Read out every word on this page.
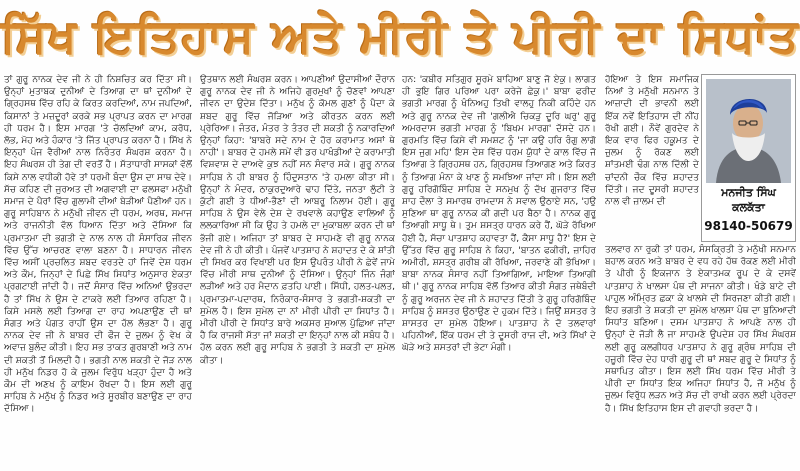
ਸਿੱਖ ਇਤਿਹਾਸ ਅਤੇ ਮੀਰੀ ਤੇ ਪੀਰੀ ਦਾ ਸਿਧਾਂਤ

ਤਾਂ ਗੁਰੂ ਨਾਨਕ ਦੇਵ ਜੀ ਨੇ ਹੀ ਨਿਸ਼ਚਿਤ ਕਰ ਦਿੱਤਾ ਸੀ। ਉਨ੍ਹਾਂ ਮੁਤਾਬਕ ਦੁਨੀਆਂ ਦੇ ਤਿਆਗ ਦਾ ਥਾਂ ਦੁਨੀਆਂ ਦੇ ਗ੍ਰਿਹਸਥ ਵਿੱਚ ਰਹਿ ਕੇ ਕਿਰਤ ਕਰਦਿਆਂ, ਨਾਮ ਜਪਦਿਆਂ, ਕਿਸਾਨਾਂ ਤੇ ਮਜ਼ਦੂਰਾਂ ਕਰਕੇ ਸਭ ਪ੍ਰਾਪਤ ਕਰਨ ਦਾ ਮਾਰਗ ਹੀ ਧਰਮ ਹੈ। ਇਸ ਮਾਰਗ 'ਤੇ ਚੱਲਦਿਆਂ ਕਾਮ, ਕਰੋਧ, ਲੋਭ, ਮੋਹ ਅਤੇ ਹੰਕਾਰ 'ਤੇ ਜਿੱਤ ਪ੍ਰਾਪਤ ਕਰਨਾ ਹੈ। ਸਿੱਖ ਨੇ ਇਨ੍ਹਾਂ ਪੰਜ ਵੈਰੀਆਂ ਨਾਲ ਨਿਰੰਤਰ ਸੰਘਰਸ਼ ਕਰਨਾ ਹੈ। ਇਹ ਸੰਘਰਸ਼ ਹੀ ਤੇਗ ਦੀ ਵਰਤੋਂ ਹੈ। ਸੱਤਾਧਾਰੀ ਸਾਸਕਾਂ ਵੱਲੋਂ ਕਿਸੇ ਨਾਲ ਵਧੀਕੀ ਹੋਵੇ ਤਾਂ ਧਰਮੀ ਬੰਦਾ ਉਸ ਦਾ ਸਾਥ ਦੇਵੇ। ਸੱਚ ਕਹਿਣ ਦੀ ਜੁਰਅਤ ਦੀ ਅਗਵਾਈ ਦਾ ਫਲਸਫਾ ਮਨੁੱਖੀ ਸਮਾਜ ਦੇ ਪੈਰਾਂ ਵਿੱਚ ਗੁਲਾਮੀ ਦੀਆਂ ਬੇੜੀਆਂ ਪੈਣੀਆਂ ਹਨ। ਗੁਰੂ ਸਾਹਿਬਾਨ ਨੇ ਮਨੁੱਖੀ ਜੀਵਨ ਦੀ ਧਰਮ, ਅਰਥ, ਸਮਾਜ ਅਤੇ ਰਾਜਨੀਤੀ ਵੱਲ ਧਿਆਨ ਦਿੱਤਾ ਅਤੇ ਦੱਸਿਆ ਕਿ ਪ੍ਰਮਾਤਮਾ ਦੀ ਭਗਤੀ ਦੇ ਨਾਲ ਨਾਲ ਹੀ ਸੰਸਾਰਿਕ ਜੀਵਨ ਵਿੱਚ ਉੱਚ ਆਚਰਣ ਵਾਲਾ ਬਣਨਾ ਹੈ। ਸਾਧਾਰਨ ਜੀਵਨ ਵਿੱਚ ਅਸੀਂ ਪ੍ਰਚਲਿਤ ਸ਼ਬਦ ਵਰਤਦੇ ਹਾਂ ਜਿਵੇਂ ਦੇਸ਼ ਧਰਮ ਅਤੇ ਕੌਮ, ਜਿਨ੍ਹਾਂ ਦੇ ਪਿਛੇ ਸਿੱਖ ਸਿਧਾਂਤ ਅਨੁਸਾਰ ਏਕਤਾ ਪ੍ਰਗਟਾਈ ਜਾਂਦੀ ਹੈ। ਜਦੋਂ ਸੰਸਾਰ ਵਿੱਚ ਅਨਿਆਂ ਉਭਰਦਾ ਹੈ ਤਾਂ ਸਿੱਖ ਨੇ ਉਸ ਦੇ ਟਾਕਰੇ ਲਈ ਤਿਆਰ ਰਹਿਣਾ ਹੈ। ਕਿਸੇ ਮਸਲੇ ਲਈ ਤਿਆਗ ਦਾ ਰਾਹ ਅਪਣਾਉਣ ਦੀ ਥਾਂ ਸੰਗਤ ਅਤੇ ਪੰਗਤ ਰਾਹੀਂ ਉਸ ਦਾ ਹੱਲ ਲੱਭਣਾ ਹੈ। ਗੁਰੂ ਨਾਨਕ ਦੇਵ ਜੀ ਨੇ ਬਾਬਰ ਦੀ ਫੌਜ ਦੇ ਜ਼ੁਲਮ ਨੂੰ ਵੇਖ ਕੇ ਅਵਾਜ਼ ਬੁਲੰਦ ਕੀਤੀ। ਇਹ ਸਭ ਤਾਕਤ ਗੁਰਬਾਣੀ ਅਤੇ ਨਾਮ ਦੀ ਸ਼ਕਤੀ ਤੋਂ ਮਿਲਦੀ ਹੈ। ਭਗਤੀ ਨਾਲ ਸ਼ਕਤੀ ਦੇ ਜੋੜ ਨਾਲ ਹੀ ਮਨੁੱਖ ਨਿਡਰ ਹੋ ਕੇ ਜ਼ੁਲਮ ਵਿਰੁੱਧ ਖੜ੍ਹਾ ਹੁੰਦਾ ਹੈ ਅਤੇ ਕੌਮ ਦੀ ਅਣਖ ਨੂੰ ਕਾਇਮ ਰੱਖਦਾ ਹੈ। ਇਸ ਲਈ ਗੁਰੂ ਸਾਹਿਬ ਨੇ ਮਨੁੱਖ ਨੂੰ ਨਿਡਰ ਅਤੇ ਸੂਰਬੀਰ ਬਣਾਉਣ ਦਾ ਰਾਹ ਦੱਸਿਆ।

ਉਤਥਾਨ ਲਈ ਸੰਘਰਸ਼ ਕਰਨ। ਆਪਣੀਆਂ ਉਦਾਸੀਆਂ ਦੌਰਾਨ ਗੁਰੂ ਨਾਨਕ ਦੇਵ ਜੀ ਨੇ ਅਜਿਹੇ ਗੁਰਮੁਖਾਂ ਨੂੰ ਚੋਣਵਾਂ ਆਪਣਾ ਜੀਵਨ ਦਾ ਉਦੇਸ਼ ਦਿੱਤਾ। ਮਨੁੱਖ ਨੂੰ ਕੋਮਲ ਗੁਣਾਂ ਨੂੰ ਪੈਦਾ ਕੇ ਸ਼ਬਦ ਗੁਰੂ ਵਿੱਚ ਜੋੜਿਆ ਅਤੇ ਕੀਰਤਨ ਕਰਨ ਲਈ ਪ੍ਰੇਰਿਆ। ਜੰਤਰ, ਮੰਤਰ ਤੇ ਤੰਤਰ ਦੀ ਸ਼ਕਤੀ ਨੂੰ ਨਕਾਰਦਿਆਂ ਉਨ੍ਹਾਂ ਕਿਹਾ: 'ਬਾਬਰੇ ਸਦੇ ਨਾਮ ਦੇ ਹੋਰ ਕਰਾਮਾਤ ਅਸਾਂ ਥੇ ਨਾਹੀ'। ਬਾਬਰ ਦੇ ਹਮਲੇ ਸਮੇਂ ਵੀ ਡਰ ਪਾਖੰਡੀਆਂ ਦੇ ਕਰਾਮਾਤੀ ਵਿਸ਼ਵਾਸ਼ ਦੇ ਦਾਅਵੇ ਕੁਝ ਨਹੀਂ ਸਨ ਸੰਵਾਰ ਸਕੇ। ਗੁਰੂ ਨਾਨਕ ਸਾਹਿਬ ਨੇ ਹੀ ਬਾਬਰ ਨੂੰ ਹਿੰਦੁਸਤਾਨ 'ਤੇ ਹਮਲਾ ਕੀਤਾ ਸੀ। ਉਨ੍ਹਾਂ ਨੇ ਮੰਦਰ, ਠਾਕੁਰਦੁਆਰੇ ਢਾਹ ਦਿੱਤੇ, ਜਨਤਾ ਲੁੱਟੀ ਤੇ ਕੁੱਟੀ ਗਈ ਤੇ ਧੀਆਂ-ਭੈਣਾਂ ਦੀ ਆਬਰੂ ਨਿਲਾਮ ਹੋਈ। ਗੁਰੂ ਸਾਹਿਬ ਨੇ ਉਸ ਵੇਲੇ ਦੇਸ਼ ਦੇ ਰਖਵਾਲੇ ਕਹਾਉਣ ਵਾਲਿਆਂ ਨੂੰ ਲਲਕਾਰਿਆ ਸੀ ਕਿ ਉਹ ਤੇ ਹਮਲੇ ਦਾ ਮੁਕਾਬਲਾ ਕਰਨ ਦੀ ਥਾਂ ਭੱਜੀ ਗਏ। ਅਜਿਹਾ ਤਾਂ ਬਾਬਰ ਦੇ ਸਾਹਮਣੇ ਵੀ ਗੁਰੂ ਨਾਨਕ ਦੇਵ ਜੀ ਨੇ ਹੀ ਕੀਤੀ। ਪੰਜਵੇਂ ਪਾਤਸ਼ਾਹ ਨੇ ਸ਼ਹਾਦਤ ਦੇ ਕੇ ਸ਼ਾਂਤੀ ਦੀ ਸਿਖਰ ਕਰ ਵਿਖਾਈ ਪਰ ਇਸ ਉਪਰੰਤ ਪੀਰੀ ਨੇ ਛੇਵੇਂ ਜਾਮੇ ਵਿੱਚ ਮੀਰੀ ਸਾਥ ਦੁਨੀਆਂ ਨੂੰ ਦੱਸਿਆ। ਉਨ੍ਹਾਂ ਜਿੰਨ ਜੰਗਾਂ ਲੜੀਆਂ ਅਤੇ ਹਰ ਮੈਦਾਨ ਫ਼ਤਹਿ ਪਾਈ। ਸਿੱਧੀ, ਹਲਤ-ਪਲਤ, ਪ੍ਰਮਾਤਮਾ-ਪਦਾਰਥ, ਨਿਰੰਕਾਰ-ਸੰਸਾਰ ਤੇ ਭਗਤੀ-ਸ਼ਕਤੀ ਦਾ ਸੁਮੇਲ ਹੈ। ਇਸ ਸੁਮੇਲ ਦਾ ਨਾਂ ਮੀਰੀ ਪੀਰੀ ਦਾ ਸਿਧਾਂਤ ਹੈ। ਮੀਰੀ ਪੀਰੀ ਦੇ ਸਿਧਾਂਤ ਬਾਰੇ ਅਕਸਰ ਸੁਆਲ ਪੁੱਛਿਆ ਜਾਂਦਾ ਹੈ ਕਿ ਰਾਜਸੀ ਸੱਤਾ ਜਾਂ ਸ਼ਕਤੀ ਦਾ ਇਨ੍ਹਾਂ ਨਾਲ ਕੀ ਸਬੰਧ ਹੈ। ਹੱਲ ਕਰਨ ਲਈ ਗੁਰੂ ਸਾਹਿਬ ਨੇ ਭਗਤੀ ਤੇ ਸ਼ਕਤੀ ਦਾ ਸੁਮੇਲ ਕੀਤਾ।

ਹਨ: 'ਕਬੀਰ ਸਤਿਗੁਰ ਸੂਰਮੇ ਬਾਹਿਆ ਬਾਣੁ ਜੋ ਏਕੁ। ਲਾਗਤ ਹੀ ਭੁਇ ਗਿਰ ਪਰਿਆ ਪਰਾ ਕਰੇਜੇ ਛੇਕੁ।' ਬਾਬਾ ਫਰੀਦ ਭਗਤੀ ਮਾਰਗ ਨੂੰ ਖੰਨਿਅਹੁ ਤਿਖੀ ਵਾਲਹੁ ਨਿਕੀ ਕਹਿੰਦੇ ਹਨ ਅਤੇ ਗੁਰੂ ਨਾਨਕ ਦੇਵ ਜੀ 'ਗਲੀਐ ਚਿਕੜੁ ਦੂਰਿ ਘਰੁ' ਗੁਰੂ ਅਮਰਦਾਸ ਭਗਤੀ ਮਾਰਗ ਨੂੰ 'ਬਿਖਮ ਮਾਰਗ' ਦੱਸਦੇ ਹਨ। ਗੁਰਮਤਿ ਵਿੱਚ ਕਿਸੇ ਵੀ ਸਮਸ਼ਟ ਨੂੰ 'ਜਾ ਕਉ ਹਰਿ ਰੰਗੁ ਲਾਗੋ ਇਸ ਜੁਗ ਮਹਿ' ਇਸ ਦੇਸ਼ ਵਿੱਚ ਧਰਮ ਯੁੱਧਾਂ ਦੇ ਕਾਲ ਵਿੱਚ ਜੋ ਤਿਆਗ ਤੇ ਗ੍ਰਿਹਸਥ ਹਨ, ਗ੍ਰਿਹਸਥ ਤਿਆਗਣ ਅਤੇ ਕਿਰਤ ਨੂੰ ਤਿਆਗ ਮੰਨਾ ਕੇ ਖਾਣ ਨੂੰ ਸਮਝਿਆ ਜਾਂਦਾ ਸੀ। ਇਸ ਲਈ ਗੁਰੂ ਹਰਿਗੋਬਿੰਦ ਸਾਹਿਬ ਦੇ ਸਨਮੁਖ ਨੂੰ ਦੱਖ ਗੁਜਰਾਤ ਵਿੱਚ ਸ਼ਾਹ ਦੌਲਾ ਤੇ ਸਮਾਰਥ ਰਾਮਦਾਸ ਨੇ ਸਵਾਲ ਉਠਾਏ ਸਨ, 'ਹਉ ਸੁਣਿਆ ਥਾ ਗੁਰੂ ਨਾਨਕ ਕੀ ਗਦੀ ਪਰ ਬੈਠਾ ਹੈ। ਨਾਨਕ ਗੁਰੂ ਤਿਆਗੀ ਸਾਧੂ ਥੇ। ਤੁਮ ਸ਼ਸਤ੍ਰ ਧਾਰਨ ਕਰੇ ਹੈਂ, ਘੋੜੇ ਰੱਖਿਆ ਹੋਈ ਹੈ, ਸੱਚਾ ਪਾਤਸ਼ਾਹ ਕਹਾਵਤਾ ਹੈਂ, ਕੈਸਾ ਸਾਧੂ ਹੈ?' ਇਸ ਦੇ ਉੱਤਰ ਵਿੱਚ ਗੁਰੂ ਸਾਹਿਬ ਨੇ ਕਿਹਾ, 'ਬਾਤਨ ਫਕੀਰੀ, ਜ਼ਾਹਿਰ ਅਮੀਰੀ, ਸ਼ਸਤ੍ਰ ਗਰੀਬ ਕੀ ਰੱਖਿਆ, ਜਰਵਾਣੇ ਕੀ ਭੱਖਿਆ। ਬਾਬਾ ਨਾਨਕ ਸੰਸਾਰ ਨਹੀਂ ਤਿਆਗਿਆ, ਮਾਇਆ ਤਿਆਗੀ ਥੀ।' ਗੁਰੂ ਨਾਨਕ ਸਾਹਿਬ ਵੱਲੋਂ ਤਿਆਰ ਕੀਤੀ ਸੰਗਤ ਜਥੇਬੰਦੀ ਨੂੰ ਗੁਰੂ ਅਰਜਨ ਦੇਵ ਜੀ ਨੇ ਸ਼ਹਾਦਤ ਦਿੱਤੀ ਤੇ ਗੁਰੂ ਹਰਿਗੋਬਿੰਦ ਸਾਹਿਬ ਨੂੰ ਸ਼ਸਤਰ ਉਠਾਉਣ ਦੇ ਹੁਕਮ ਦਿੱਤੇ। ਜਿਉਂ ਸ਼ਸਤਰ ਤੇ ਸ਼ਾਸਤਰ ਦਾ ਸੁਮੇਲ ਹੋਇਆ। ਪਾਤਸ਼ਾਹ ਨੇ ਦੋ ਤਲਵਾਰਾਂ ਪਹਿਨੀਆਂ, ਇੱਕ ਧਰਮ ਦੀ ਤੇ ਦੂਸਰੀ ਰਾਜ ਦੀ, ਅਤੇ ਸਿੱਖਾਂ ਦੇ ਘੋੜੇ ਅਤੇ ਸ਼ਸਤਰਾਂ ਦੀ ਭੇਟਾ ਮੰਗੀ।

ਹੋਇਆ ਤੇ ਇਸ ਸਮਾਜਿਕ ਨਿਆਂ ਤੇ ਮਨੁੱਖੀ ਸਨਮਾਨ ਤੇ ਆਜ਼ਾਦੀ ਦੀ ਭਾਵਨੀ ਲਈ ਇੱਕ ਨਵੇਂ ਇਤਿਹਾਸ ਦੀ ਨੀਂਹ ਰੱਖੀ ਗਈ। ਨੌਵੇਂ ਗੁਰਦੇਵ ਨੇ ਇਕ ਵਾਰ ਫਿਰ ਹਕੂਮਤ ਦੇ ਜ਼ੁਲਮ ਨੂੰ ਰੋਕਣ ਲਈ ਸ਼ਾਂਤਮਈ ਢੰਗ ਨਾਲ ਦਿੱਲੀ ਦੇ ਚਾਂਦਨੀ ਚੌਕ ਵਿੱਚ ਸ਼ਹਾਦਤ ਦਿੱਤੀ। ਜਦ ਦੂਸਰੀ ਸ਼ਹਾਦਤ ਨਾਲ ਵੀ ਜ਼ਾਲਮ ਦੀ

ਮਨਜੀਤ ਸਿੰਘ
ਕਲਕੱਤਾ
98140-50679

ਤਲਵਾਰ ਨਾ ਰੁਕੀ ਤਾਂ ਧਰਮ, ਸੰਸਕ੍ਰਿਤੀ ਤੇ ਮਨੁੱਖੀ ਸਨਮਾਨ ਬਹਾਲ ਕਰਨ ਅਤੇ ਬਾਬਰ ਦੇ ਵਧ ਰਹੇ ਹੱਥ ਰੋਕਣ ਲਈ ਮੀਰੀ ਤੇ ਪੀਰੀ ਨੂੰ ਇਕਜਾਨ ਤੇ ਏਕਾਤਮਕ ਰੂਪ ਦੇ ਕੇ ਦਸਵੇਂ ਪਾਤਸ਼ਾਹ ਨੇ ਖਾਲਸਾ ਪੰਥ ਦੀ ਸਾਜਨਾ ਕੀਤੀ। ਖੰਡੇ ਬਾਟੇ ਦੀ ਪਾਹੁਲ ਅੰਮ੍ਰਿਤ ਛਕਾ ਕੇ ਖਾਲਸੇ ਦੀ ਸਿਰਜਣਾ ਕੀਤੀ ਗਈ। ਇਹ ਭਗਤੀ ਤੇ ਸ਼ਕਤੀ ਦਾ ਸੁਮੇਲ ਖਾਲਸਾ ਪੰਥ ਦਾ ਬੁਨਿਆਦੀ ਸਿਧਾਂਤ ਬਣਿਆ। ਦਸਮ ਪਾਤਸ਼ਾਹ ਨੇ ਆਪਣੇ ਨਾਲ ਹੀ ਉਨ੍ਹਾਂ ਦੇ ਜੋੜੀ ਲੈ ਜਾ ਸਾਹਮਣੇ ਉਪਦੇਸ਼ ਹਰ ਸਿੱਖ ਸੰਘਰਸ਼ ਲਈ ਗੁਰੂ ਕਲਗੀਧਰ ਪਾਤਸ਼ਾਹ ਨੇ ਗੁਰੂ ਗ੍ਰੰਥ ਸਾਹਿਬ ਦੀ ਹਜ਼ੂਰੀ ਵਿੱਚ ਦੇਹ ਧਾਰੀ ਗੁਰੂ ਦੀ ਥਾਂ ਸਬਦ ਗੁਰੂ ਦੇ ਸਿਧਾਂਤ ਨੂੰ ਸਥਾਪਿਤ ਕੀਤਾ। ਇਸ ਲਈ ਸਿੱਖ ਧਰਮ ਵਿੱਚ ਮੀਰੀ ਤੇ ਪੀਰੀ ਦਾ ਸਿਧਾਂਤ ਇਕ ਅਜਿਹਾ ਸਿਧਾਂਤ ਹੈ, ਜੋ ਮਨੁੱਖ ਨੂੰ ਜ਼ੁਲਮ ਵਿਰੁੱਧ ਲੜਨ ਅਤੇ ਸੱਚ ਦੀ ਰਾਖੀ ਕਰਨ ਲਈ ਪ੍ਰੇਰਦਾ ਹੈ। ਸਿੱਖ ਇਤਿਹਾਸ ਇਸ ਦੀ ਗਵਾਹੀ ਭਰਦਾ ਹੈ।
